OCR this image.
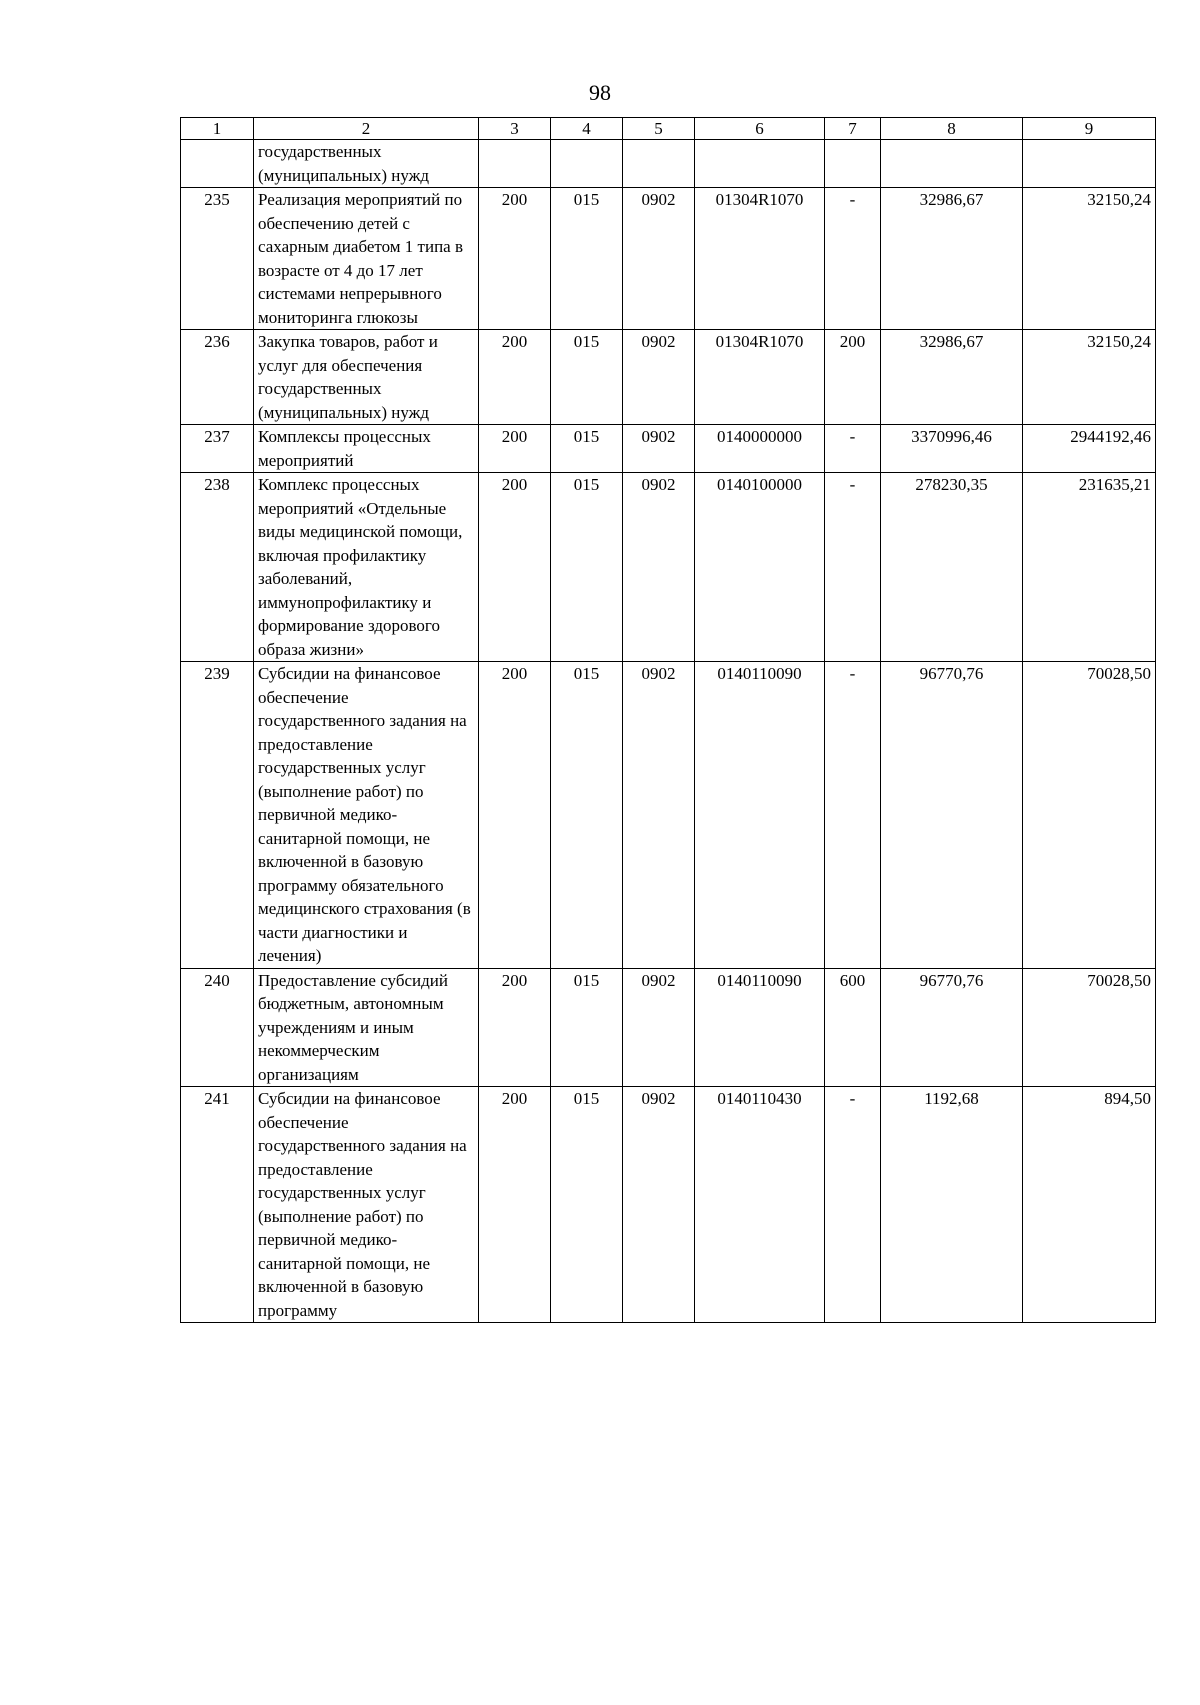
98
1	2	3	4	5	6	7	8	9
	государственных (муниципальных) нужд							
235	Реализация мероприятий по обеспечению детей с сахарным диабетом 1 типа в возрасте от 4 до 17 лет системами непрерывного мониторинга глюкозы	200	015	0902	01304R1070	-	32986,67	32150,24
236	Закупка товаров, работ и услуг для обеспечения государственных (муниципальных) нужд	200	015	0902	01304R1070	200	32986,67	32150,24
237	Комплексы процессных мероприятий	200	015	0902	0140000000	-	3370996,46	2944192,46
238	Комплекс процессных мероприятий «Отдельные виды медицинской помощи, включая профилактику заболеваний, иммунопрофилактику и формирование здорового образа жизни»	200	015	0902	0140100000	-	278230,35	231635,21
239	Субсидии на финансовое обеспечение государственного задания на предоставление государственных услуг (выполнение работ) по первичной медико-санитарной помощи, не включенной в базовую программу обязательного медицинского страхования (в части диагностики и лечения)	200	015	0902	0140110090	-	96770,76	70028,50
240	Предоставление субсидий бюджетным, автономным учреждениям и иным некоммерческим организациям	200	015	0902	0140110090	600	96770,76	70028,50
241	Субсидии на финансовое обеспечение государственного задания на предоставление государственных услуг (выполнение работ) по первичной медико-санитарной помощи, не включенной в базовую программу	200	015	0902	0140110430	-	1192,68	894,50
